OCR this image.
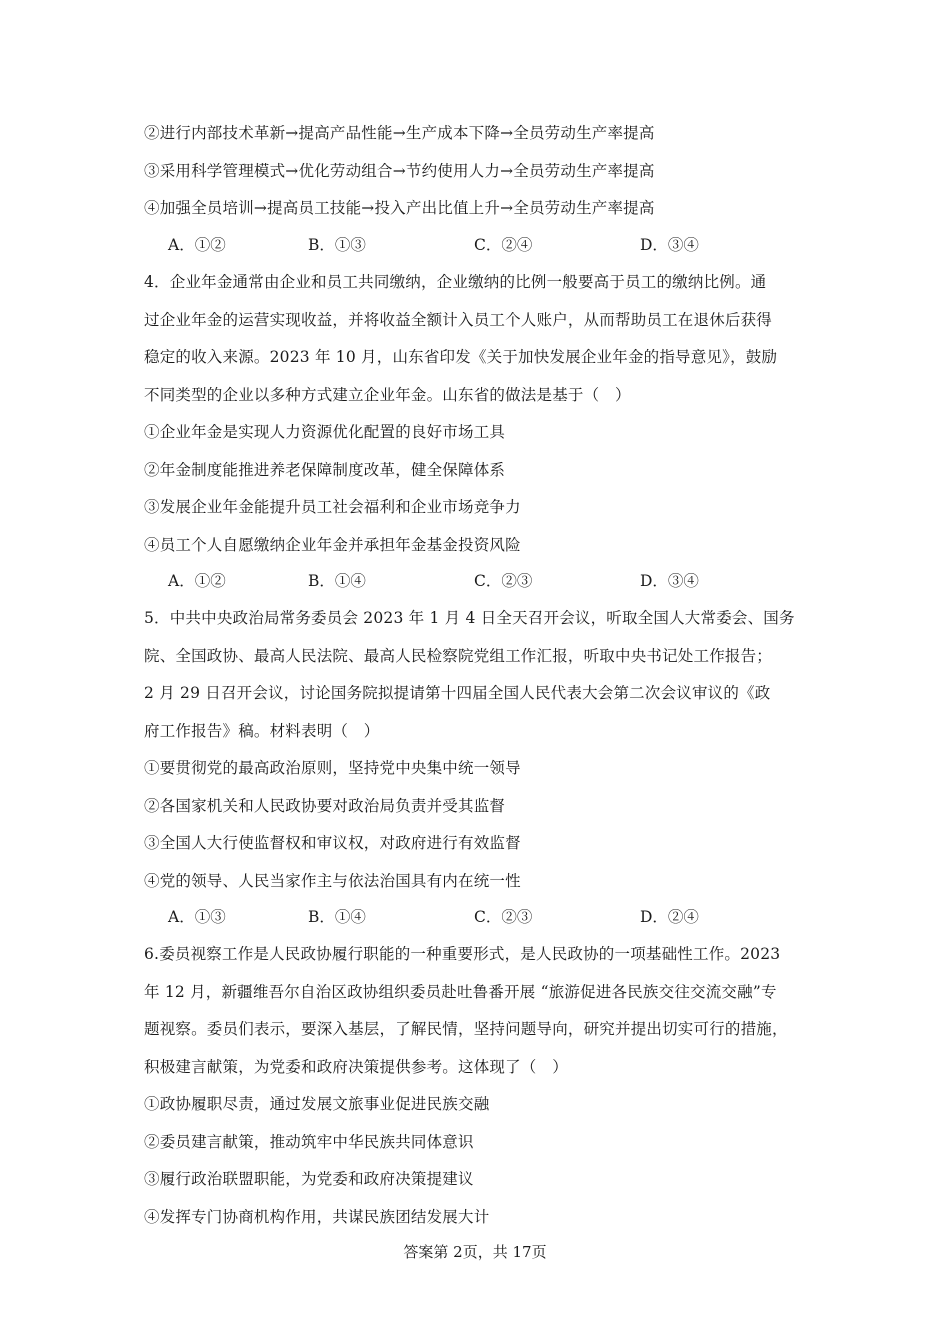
②进行内部技术革新→提高产品性能→生产成本下降→全员劳动生产率提高
③采用科学管理模式→优化劳动组合→节约使用人力→全员劳动生产率提高
④加强全员培训→提高员工技能→投入产出比值上升→全员劳动生产率提高
A．①②	B．①③	C．②④	D．③④
4．企业年金通常由企业和员工共同缴纳，企业缴纳的比例一般要高于员工的缴纳比例。通
过企业年金的运营实现收益，并将收益全额计入员工个人账户，从而帮助员工在退休后获得
稳定的收入来源。2023 年 10 月，山东省印发《关于加快发展企业年金的指导意见》，鼓励
不同类型的企业以多种方式建立企业年金。山东省的做法是基于（　）
①企业年金是实现人力资源优化配置的良好市场工具
②年金制度能推进养老保障制度改革，健全保障体系
③发展企业年金能提升员工社会福利和企业市场竞争力
④员工个人自愿缴纳企业年金并承担年金基金投资风险
A．①②	B．①④	C．②③	D．③④
5．中共中央政治局常务委员会 2023 年 1 月 4 日全天召开会议，听取全国人大常委会、国务
院、全国政协、最高人民法院、最高人民检察院党组工作汇报，听取中央书记处工作报告；
2 月 29 日召开会议，讨论国务院拟提请第十四届全国人民代表大会第二次会议审议的《政
府工作报告》稿。材料表明（　）
①要贯彻党的最高政治原则，坚持党中央集中统一领导
②各国家机关和人民政协要对政治局负责并受其监督
③全国人大行使监督权和审议权，对政府进行有效监督
④党的领导、人民当家作主与依法治国具有内在统一性
A．①③	B．①④	C．②③	D．②④
6.委员视察工作是人民政协履行职能的一种重要形式，是人民政协的一项基础性工作。2023
年 12 月，新疆维吾尔自治区政协组织委员赴吐鲁番开展 “旅游促进各民族交往交流交融”专
题视察。委员们表示，要深入基层，了解民情，坚持问题导向，研究并提出切实可行的措施，
积极建言献策，为党委和政府决策提供参考。这体现了（　）
①政协履职尽责，通过发展文旅事业促进民族交融
②委员建言献策，推动筑牢中华民族共同体意识
③履行政治联盟职能，为党委和政府决策提建议
④发挥专门协商机构作用，共谋民族团结发展大计
答案第 2页，共 17页
